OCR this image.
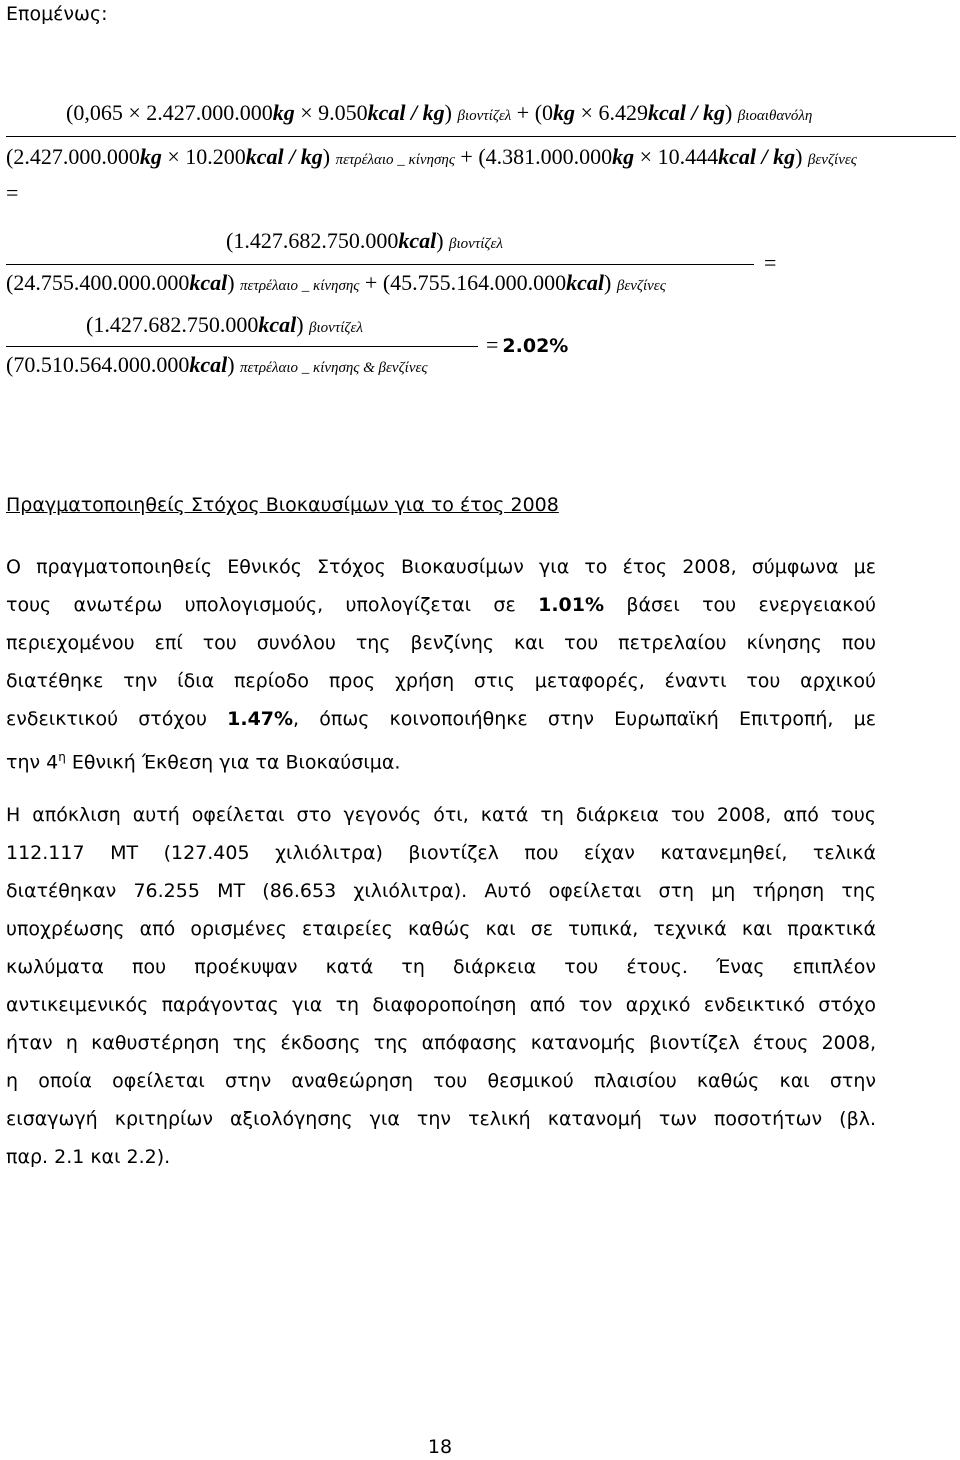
Επομένως:
(0,065 × 2.427.000.000kg × 9.050kcal / kg) βιοντίζελ + (0kg × 6.429kcal / kg) βιοαιθανόλη
(2.427.000.000kg × 10.200kcal / kg) πετρέλαιο _ κίνησης + (4.381.000.000kg × 10.444kcal / kg) βενζίνες
=
(1.427.682.750.000kcal) βιοντίζελ
=
(24.755.400.000.000kcal) πετρέλαιο _ κίνησης + (45.755.164.000.000kcal) βενζίνες
(1.427.682.750.000kcal) βιοντίζελ
= 2.02%
(70.510.564.000.000kcal) πετρέλαιο _ κίνησης & βενζίνες
Πραγματοποιηθείς Στόχος Βιοκαυσίμων για το έτος 2008
Ο πραγματοποιηθείς Εθνικός Στόχος Βιοκαυσίμων για το έτος 2008, σύμφωνα με
τους ανωτέρω υπολογισμούς, υπολογίζεται σε 1.01% βάσει του ενεργειακού
περιεχομένου επί του συνόλου της βενζίνης και του πετρελαίου κίνησης που
διατέθηκε την ίδια περίοδο προς χρήση στις μεταφορές, έναντι του αρχικού
ενδεικτικού στόχου 1.47%, όπως κοινοποιήθηκε στην Ευρωπαϊκή Επιτροπή, με
την $4^\eta$ Εθνική Έκθεση για τα Βιοκαύσιμα.
Η απόκλιση αυτή οφείλεται στο γεγονός ότι, κατά τη διάρκεια του 2008, από τους
112.117 ΜΤ (127.405 χιλιόλιτρα) βιοντίζελ που είχαν κατανεμηθεί, τελικά
διατέθηκαν 76.255 ΜΤ (86.653 χιλιόλιτρα). Αυτό οφείλεται στη μη τήρηση της
υποχρέωσης από ορισμένες εταιρείες καθώς και σε τυπικά, τεχνικά και πρακτικά
κωλύματα που προέκυψαν κατά τη διάρκεια του έτους. Ένας επιπλέον
αντικειμενικός παράγοντας για τη διαφοροποίηση από τον αρχικό ενδεικτικό στόχο
ήταν η καθυστέρηση της έκδοσης της απόφασης κατανομής βιοντίζελ έτους 2008,
η οποία οφείλεται στην αναθεώρηση του θεσμικού πλαισίου καθώς και στην
εισαγωγή κριτηρίων αξιολόγησης για την τελική κατανομή των ποσοτήτων (βλ.
παρ. 2.1 και 2.2).
18
